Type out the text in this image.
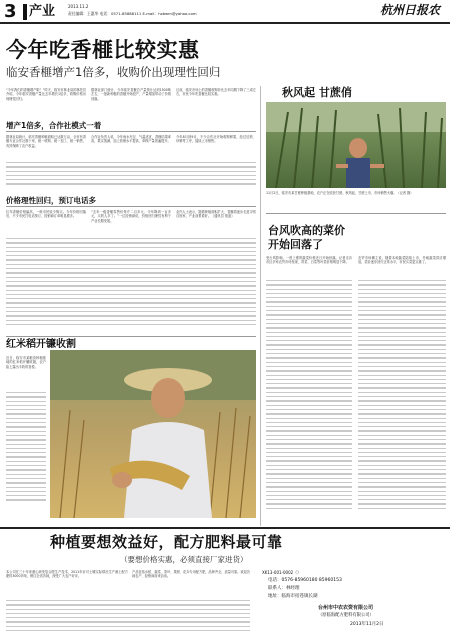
3 产业	2013.11.2
责任编辑：王惠华 电话：0571-85888111 E-mail：hzbwm@yahoo.com	杭州日报农
今年吃香榧比较实惠
临安香榧增产1倍多，收购价出现理性回归
“今年我们的香榧增产啦！”昨天，临安市林业局的林技员介绍，今年临安香榧产量比去年增长1倍多，收购价格出现理性回归。
据林业部门统计，今年临安香榧总产量预计达到1500吨左右，一批新种植的香榧开始投产，产量增加带动了价格回落。
目前，临安市场上的香榧收购价比去年同期下降了三成左右，市民今年吃香榧比较实惠。
增产1倍多，合作社模式一着
据林业局统计，临安香榧种植面积已达数万亩，全市有香榧专业合作社数十家，统一收购、统一加工、统一销售，有效保障了农户收益。
合作社负责人说，今年雨水充足、气温适宜，香榧结果率高，果实饱满，加上管理水平提高，单株产量普遍提升。
今年8月到9月，不少合作社开始收购鲜果，经过后熟、炒制等工序，陆续上市销售。
价格理性回归，预订电话多
往年香榧价格偏高，一般市民较少购买。今年价格回落后，不少市民打电话预订，经销商订单明显增多。
“去年一级香榧零售价每斤二百多元，今年降到一百多元，买的人多了。”一位经销商说，价格回归理性有利于产业长期发展。
业内人士表示，随着种植面积扩大，香榧将逐步走进寻常百姓家，产业前景看好。（通讯员 报道）
秋风起 甘蔗俏
11月2日，临安市某甘蔗种植基地，农户正在收获甘蔗。秋风起，甘蔗上市，市场销售火爆。（记者 摄）
台风吹高的菜价
开始回落了
受台风影响，一度上涨的蔬菜价格近日开始回落。记者走访市区多家农贸市场发现，青菜、白菜等叶菜价格明显下降。
农贸市场摊主说，随着本地蔬菜陆续上市，外地蔬菜供应增加，菜价逐步回归正常水平，市民买菜更实惠了。
红米稻开镰收割
近日，临安市某粮食种植基地的红米稻开镰收割，农户脸上露出丰收的喜悦。
种植要想效益好，配方肥料最可靠
（要想价格实惠，必须直接厂家进货）
本公司在三十年来潜心研发复合肥生产技术，2011年针对土壤实际情况生产测土配方肥料3000多吨，销往全省各地，深受广大农户好评。
产品包括水稻、蔬菜、茶叶、果树、花卉专用配方肥，品种齐全，质量可靠。欢迎各地农户、经销商前来洽谈。
XK13-001-0002（）
电话：0576-85960180 85960153
联系人：林经理
地址：临海市括苍镇长湖
台州市中农农资有限公司
（原临海配方肥料有限公司）
2013年11月2日
